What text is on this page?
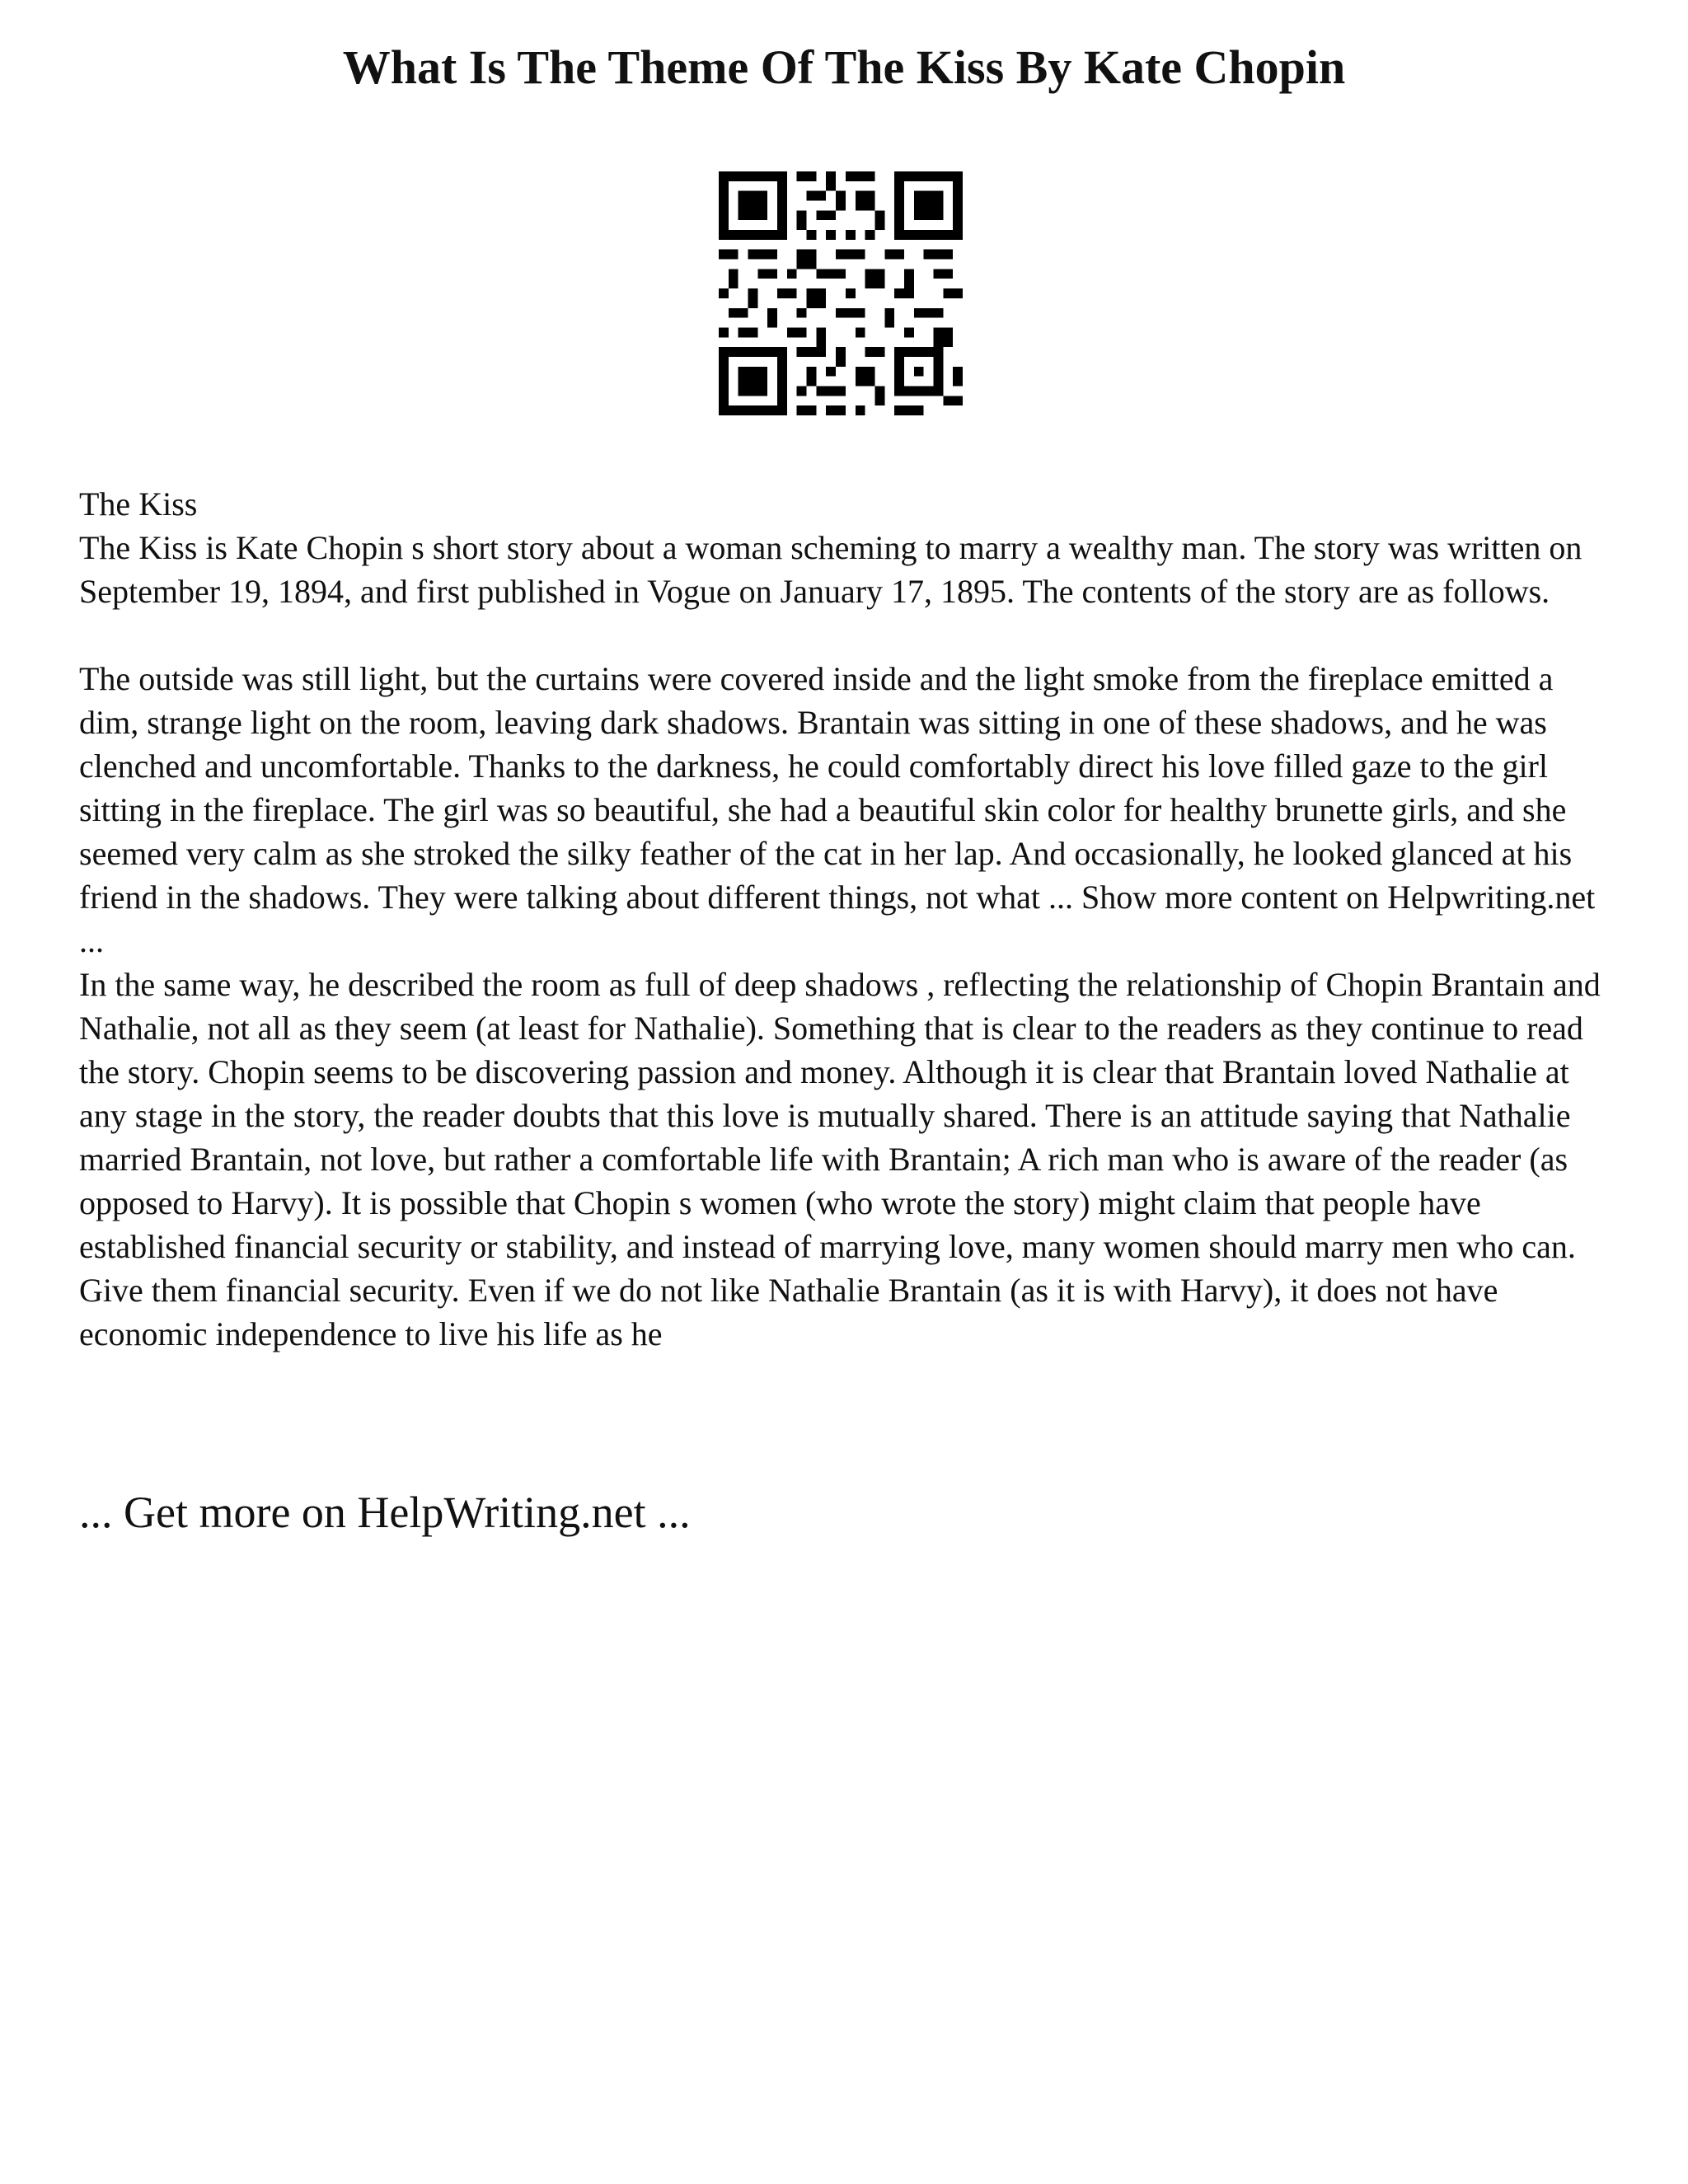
What Is The Theme Of The Kiss By Kate Chopin

The Kiss

The Kiss is Kate Chopin s short story about a woman scheming to marry a wealthy man. The story was written on September 19, 1894, and first published in Vogue on January 17, 1895. The contents of the story are as follows.

The outside was still light, but the curtains were covered inside and the light smoke from the fireplace emitted a dim, strange light on the room, leaving dark shadows. Brantain was sitting in one of these shadows, and he was clenched and uncomfortable. Thanks to the darkness, he could comfortably direct his love filled gaze to the girl sitting in the fireplace. The girl was so beautiful, she had a beautiful skin color for healthy brunette girls, and she seemed very calm as she stroked the silky feather of the cat in her lap. And occasionally, he looked glanced at his friend in the shadows. They were talking about different things, not what ... Show more content on Helpwriting.net ...

In the same way, he described the room as full of deep shadows , reflecting the relationship of Chopin Brantain and Nathalie, not all as they seem (at least for Nathalie). Something that is clear to the readers as they continue to read the story. Chopin seems to be discovering passion and money. Although it is clear that Brantain loved Nathalie at any stage in the story, the reader doubts that this love is mutually shared. There is an attitude saying that Nathalie married Brantain, not love, but rather a comfortable life with Brantain; A rich man who is aware of the reader (as opposed to Harvy). It is possible that Chopin s women (who wrote the story) might claim that people have established financial security or stability, and instead of marrying love, many women should marry men who can. Give them financial security. Even if we do not like Nathalie Brantain (as it is with Harvy), it does not have economic independence to live his life as he

... Get more on HelpWriting.net ...
